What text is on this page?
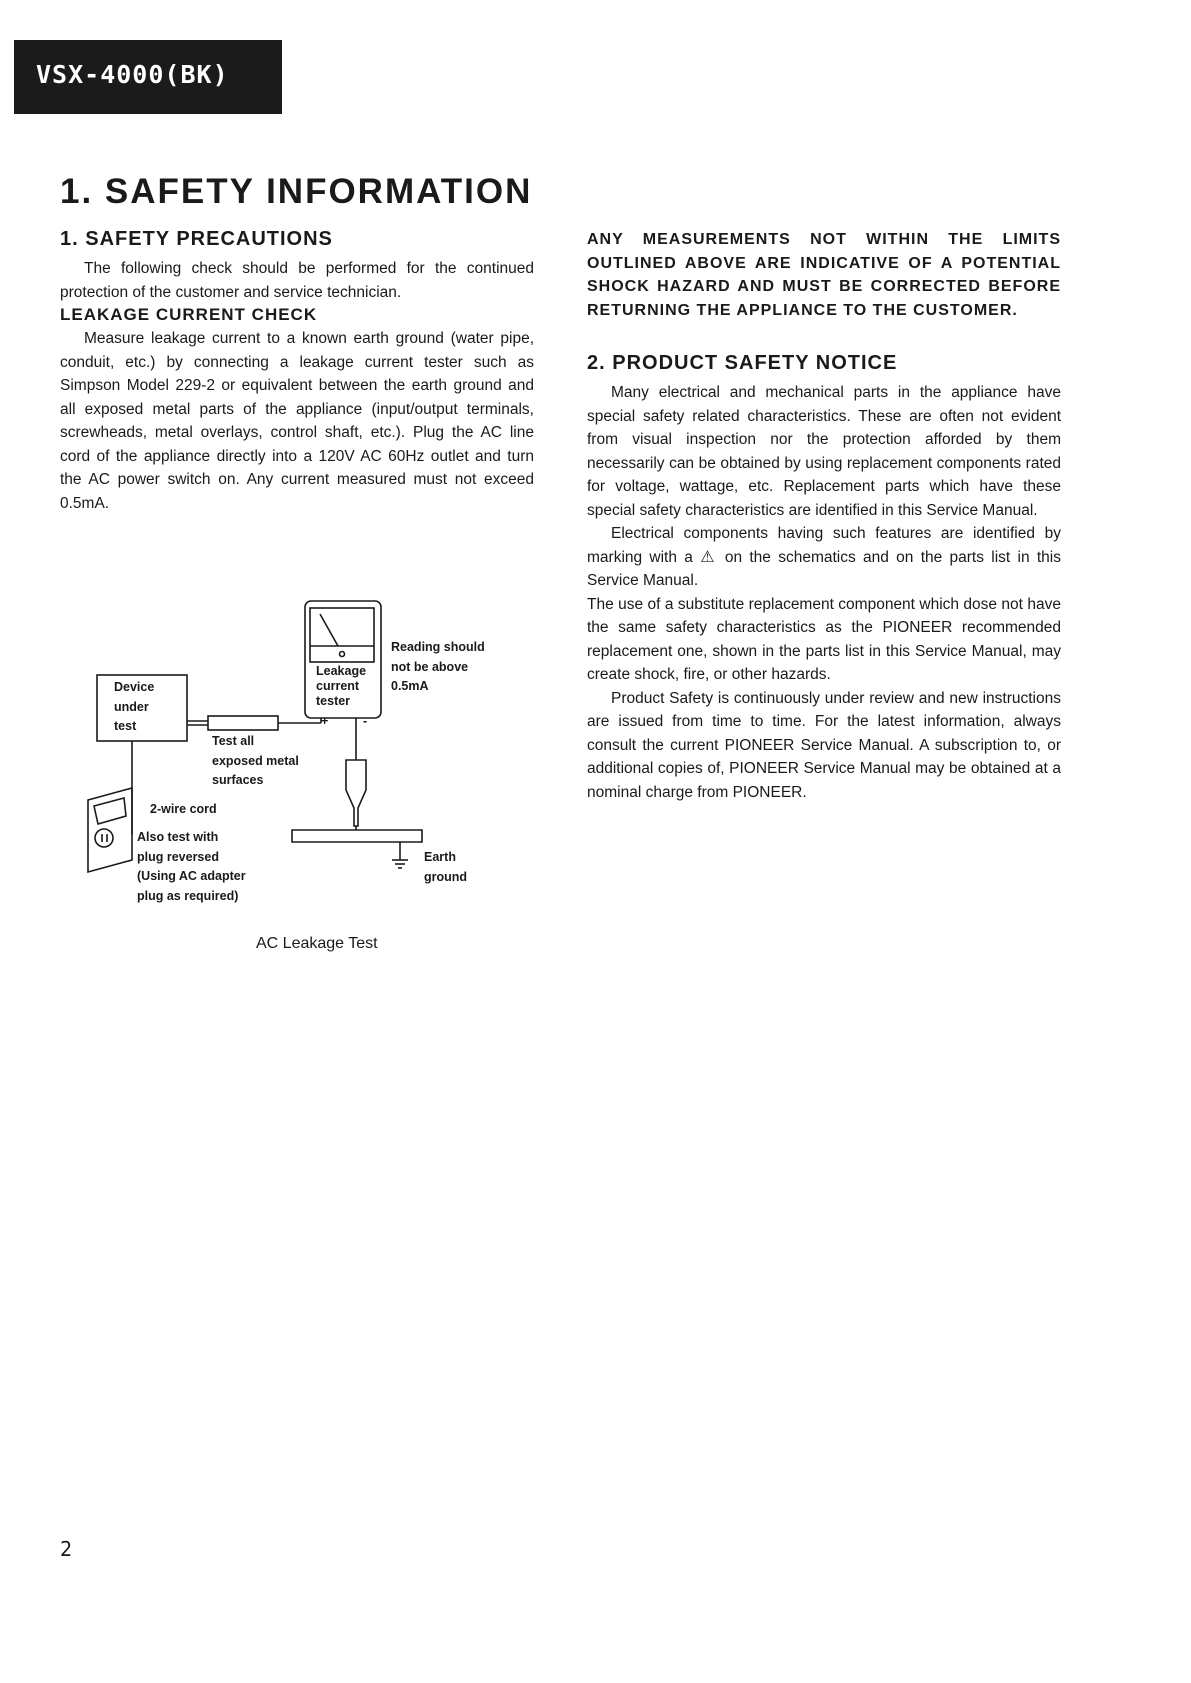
VSX-4000(BK)
1. SAFETY INFORMATION
1. SAFETY PRECAUTIONS

The following check should be performed for the continued protection of the customer and service technician.

LEAKAGE CURRENT CHECK

Measure leakage current to a known earth ground (water pipe, conduit, etc.) by connecting a leakage current tester such as Simpson Model 229-2 or equivalent between the earth ground and all exposed metal parts of the appliance (input/output terminals, screwheads, metal overlays, control shaft, etc.). Plug the AC line cord of the appliance directly into a 120V AC 60Hz outlet and turn the AC power switch on. Any current measured must not exceed 0.5mA.

Device
under
test
Leakage
current
tester
+	-
Reading should
not be above
0.5mA
Test all
exposed metal
surfaces
2-wire cord
Also test with
plug reversed
(Using AC adapter
plug as required)
Earth
ground
AC Leakage Test

ANY MEASUREMENTS NOT WITHIN THE LIMITS OUTLINED ABOVE ARE INDICATIVE OF A POTENTIAL SHOCK HAZARD AND MUST BE CORRECTED BEFORE RETURNING THE APPLIANCE TO THE CUSTOMER.

2. PRODUCT SAFETY NOTICE

Many electrical and mechanical parts in the appliance have special safety related characteristics. These are often not evident from visual inspection nor the protection afforded by them necessarily can be obtained by using replacement components rated for voltage, wattage, etc. Replacement parts which have these special safety characteristics are identified in this Service Manual.

Electrical components having such features are identified by marking with a ⚠ on the schematics and on the parts list in this Service Manual.

The use of a substitute replacement component which dose not have the same safety characteristics as the PIONEER recommended replacement one, shown in the parts list in this Service Manual, may create shock, fire, or other hazards.

Product Safety is continuously under review and new instructions are issued from time to time. For the latest information, always consult the current PIONEER Service Manual. A subscription to, or additional copies of, PIONEER Service Manual may be obtained at a nominal charge from PIONEER.

2
